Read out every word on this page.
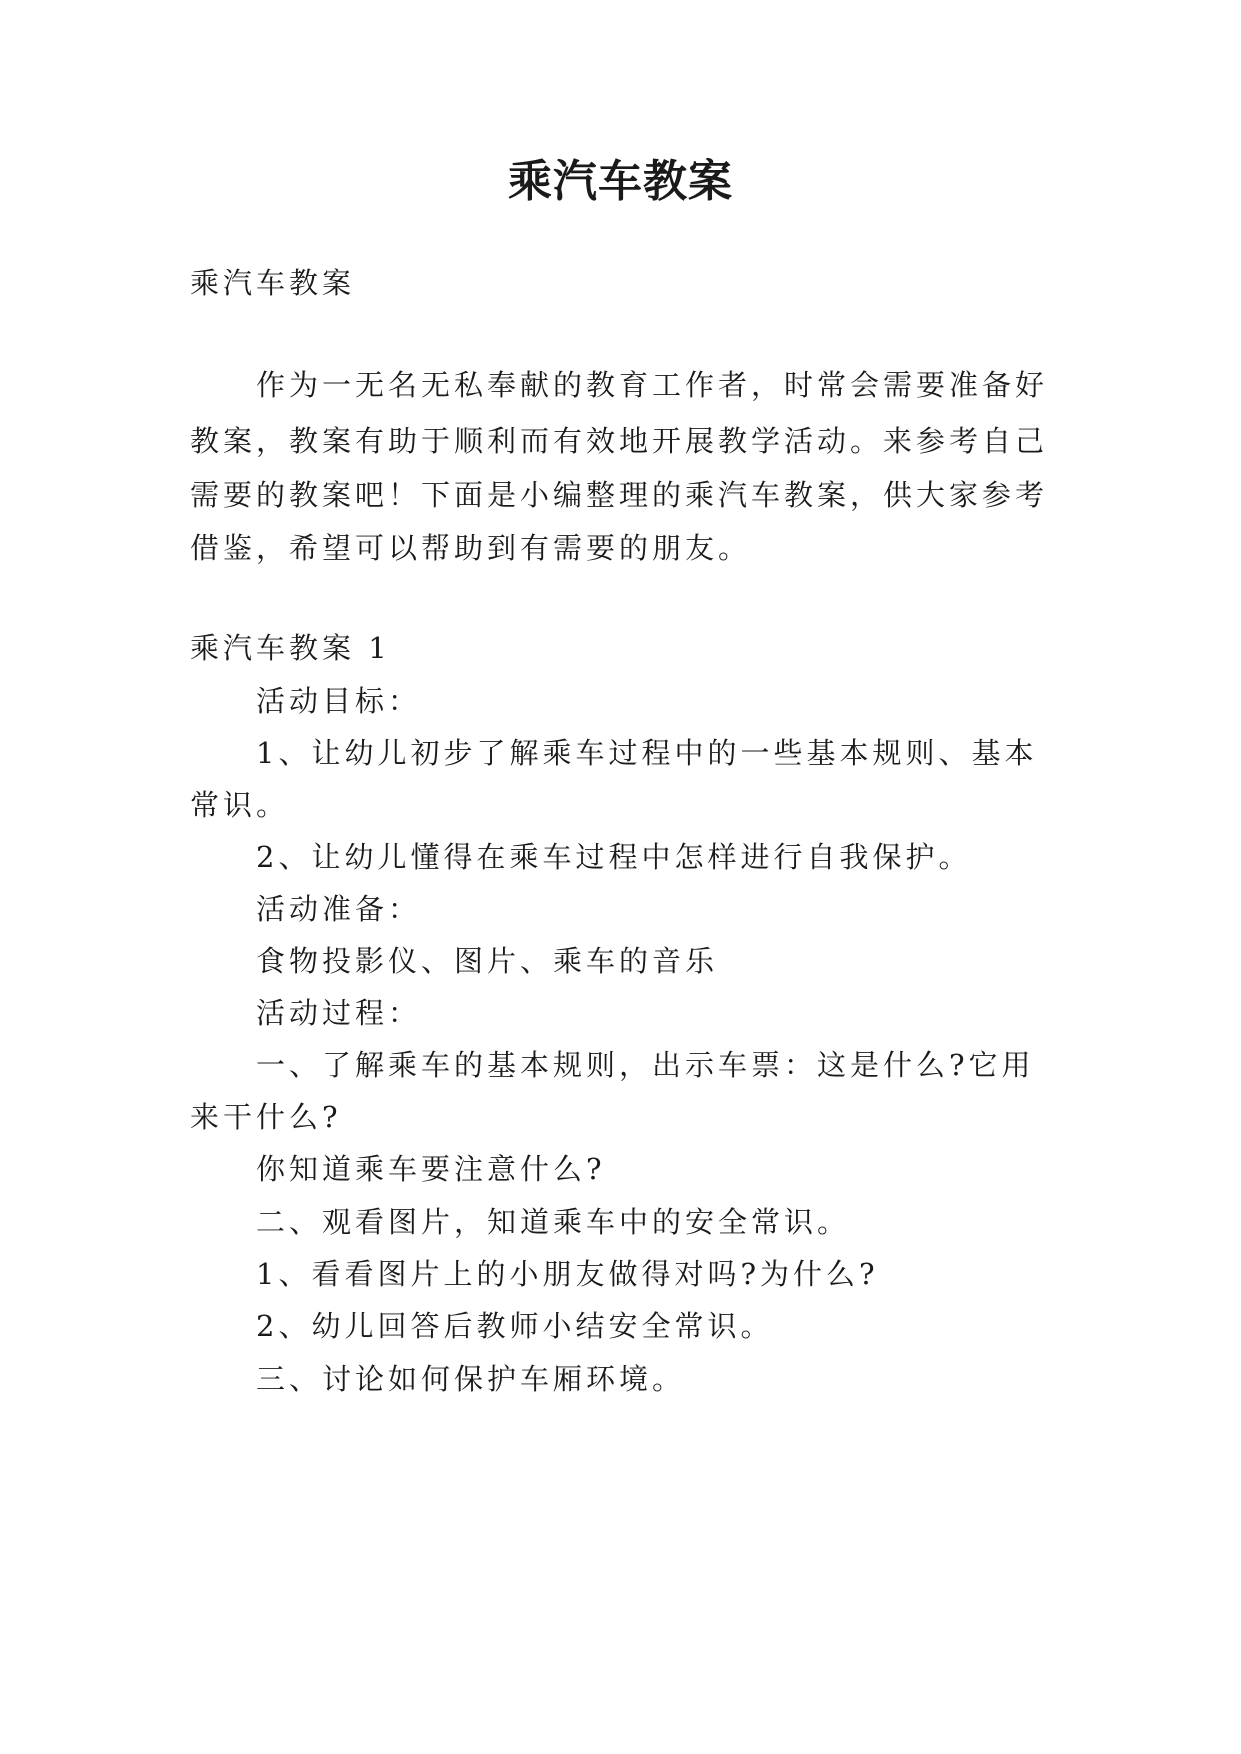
乘汽车教案
乘汽车教案
作为一无名无私奉献的教育工作者，时常会需要准备好
教案，教案有助于顺利而有效地开展教学活动。来参考自己
需要的教案吧！下面是小编整理的乘汽车教案，供大家参考
借鉴，希望可以帮助到有需要的朋友。
乘汽车教案 1
活动目标：
1、让幼儿初步了解乘车过程中的一些基本规则、基本
常识。
2、让幼儿懂得在乘车过程中怎样进行自我保护。
活动准备：
食物投影仪、图片、乘车的音乐
活动过程：
一、了解乘车的基本规则，出示车票：这是什么?它用
来干什么?
你知道乘车要注意什么?
二、观看图片，知道乘车中的安全常识。
1、看看图片上的小朋友做得对吗?为什么?
2、幼儿回答后教师小结安全常识。
三、讨论如何保护车厢环境。
